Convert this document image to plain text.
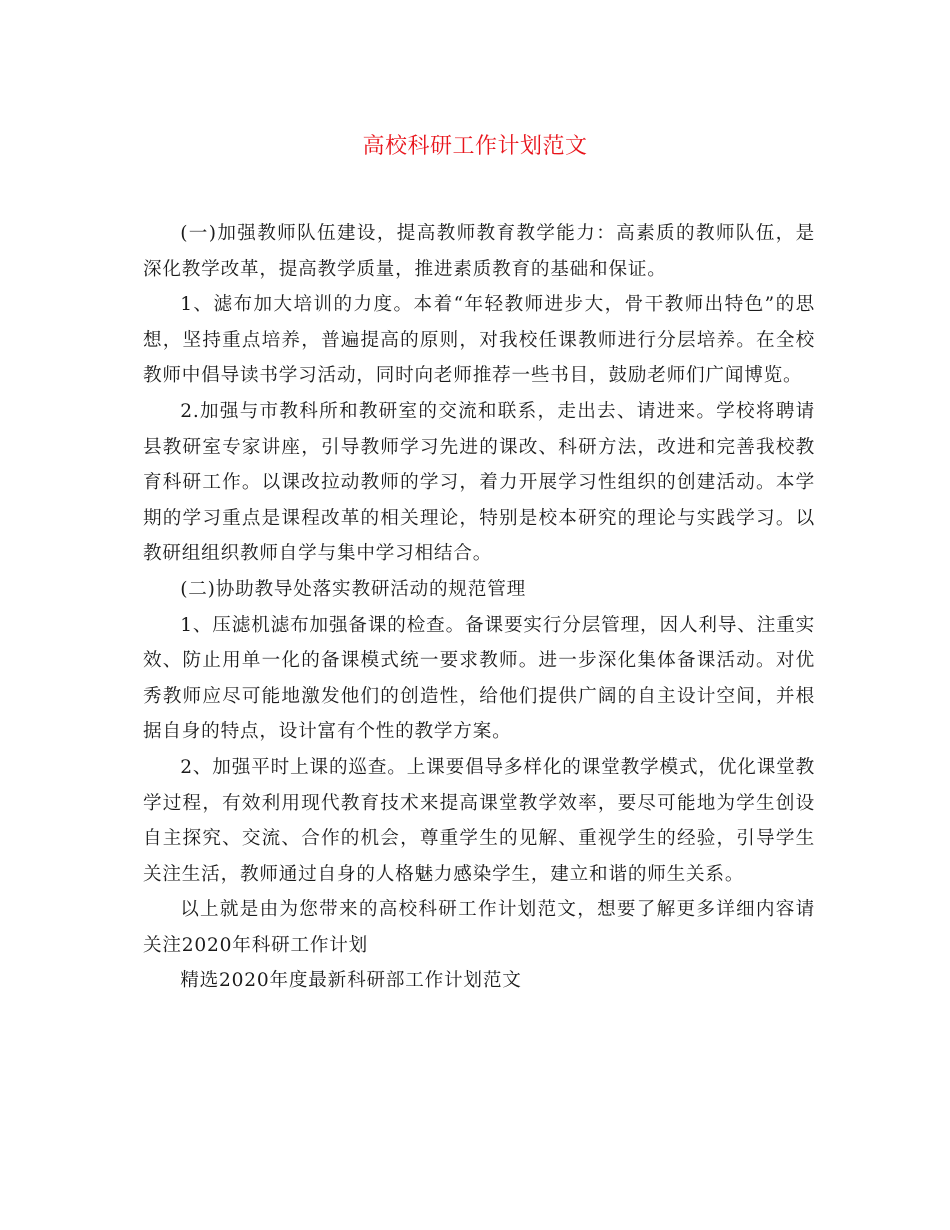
高校科研工作计划范文

(一)加强教师队伍建设，提高教师教育教学能力：高素质的教师队伍，是深化教学改革，提高教学质量，推进素质教育的基础和保证。

1、滤布加大培训的力度。本着“年轻教师进步大，骨干教师出特色”的思想，坚持重点培养，普遍提高的原则，对我校任课教师进行分层培养。在全校教师中倡导读书学习活动，同时向老师推荐一些书目，鼓励老师们广闻博览。

2.加强与市教科所和教研室的交流和联系，走出去、请进来。学校将聘请县教研室专家讲座，引导教师学习先进的课改、科研方法，改进和完善我校教育科研工作。以课改拉动教师的学习，着力开展学习性组织的创建活动。本学期的学习重点是课程改革的相关理论，特别是校本研究的理论与实践学习。以教研组组织教师自学与集中学习相结合。

(二)协助教导处落实教研活动的规范管理

1、压滤机滤布加强备课的检查。备课要实行分层管理，因人利导、注重实效、防止用单一化的备课模式统一要求教师。进一步深化集体备课活动。对优秀教师应尽可能地激发他们的创造性，给他们提供广阔的自主设计空间，并根据自身的特点，设计富有个性的教学方案。

2、加强平时上课的巡查。上课要倡导多样化的课堂教学模式，优化课堂教学过程，有效利用现代教育技术来提高课堂教学效率，要尽可能地为学生创设自主探究、交流、合作的机会，尊重学生的见解、重视学生的经验，引导学生关注生活，教师通过自身的人格魅力感染学生，建立和谐的师生关系。

以上就是由为您带来的高校科研工作计划范文，想要了解更多详细内容请关注2020年科研工作计划

精选2020年度最新科研部工作计划范文
